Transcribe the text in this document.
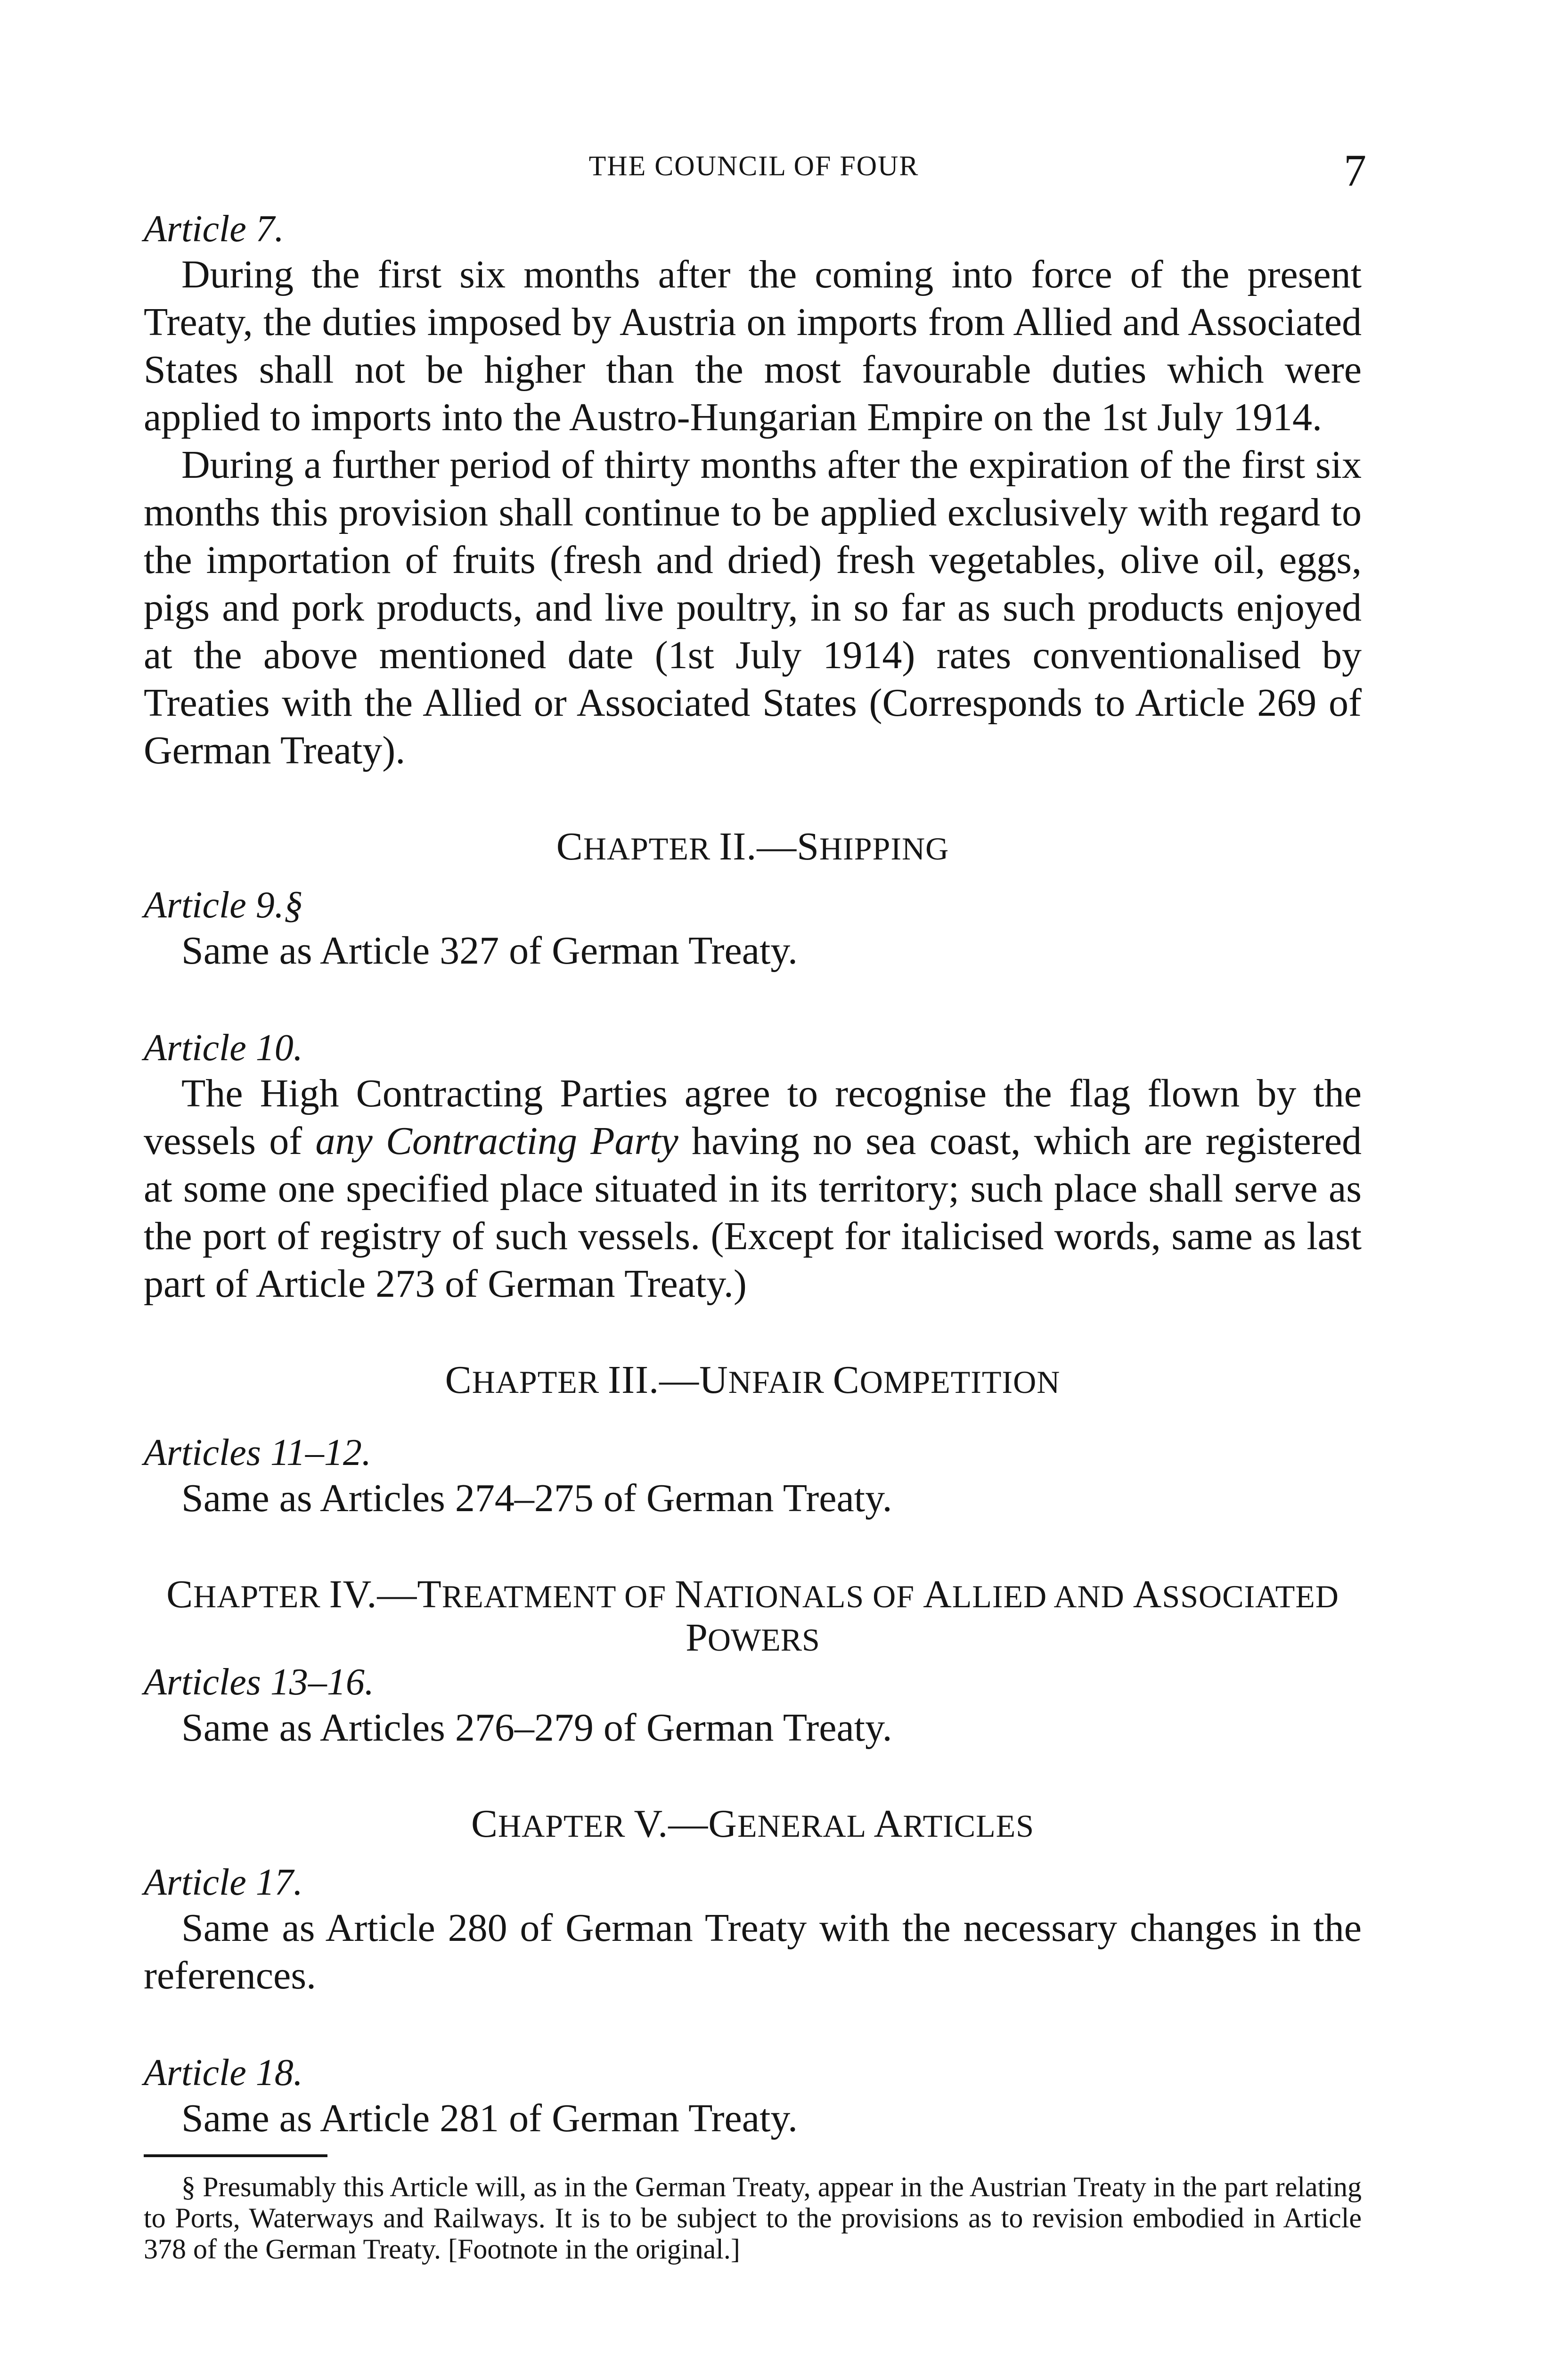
THE COUNCIL OF FOUR	7
Article 7.

During the first six months after the coming into force of the present Treaty, the duties imposed by Austria on imports from Allied and Associated States shall not be higher than the most favourable duties which were applied to imports into the Austro-Hungarian Empire on the 1st July 1914.

During a further period of thirty months after the expiration of the first six months this provision shall continue to be applied exclusively with regard to the importation of fruits (fresh and dried) fresh vegetables, olive oil, eggs, pigs and pork products, and live poultry, in so far as such products enjoyed at the above mentioned date (1st July 1914) rates conventionalised by Treaties with the Allied or Associated States (Corresponds to Article 269 of German Treaty).

CHAPTER II.—SHIPPING
Article 9.§

Same as Article 327 of German Treaty.

Article 10.

The High Contracting Parties agree to recognise the flag flown by the vessels of any Contracting Party having no sea coast, which are registered at some one specified place situated in its territory; such place shall serve as the port of registry of such vessels. (Except for italicised words, same as last part of Article 273 of German Treaty.)

CHAPTER III.—UNFAIR COMPETITION
Articles 11–12.

Same as Articles 274–275 of German Treaty.

CHAPTER IV.—TREATMENT OF NATIONALS OF ALLIED AND ASSOCIATED
POWERS
Articles 13–16.

Same as Articles 276–279 of German Treaty.

CHAPTER V.—GENERAL ARTICLES
Article 17.

Same as Article 280 of German Treaty with the necessary changes in the references.

Article 18.

Same as Article 281 of German Treaty.

§ Presumably this Article will, as in the German Treaty, appear in the Austrian Treaty in the part relating to Ports, Waterways and Railways. It is to be subject to the provisions as to revision embodied in Article 378 of the German Treaty. [Footnote in the original.]
